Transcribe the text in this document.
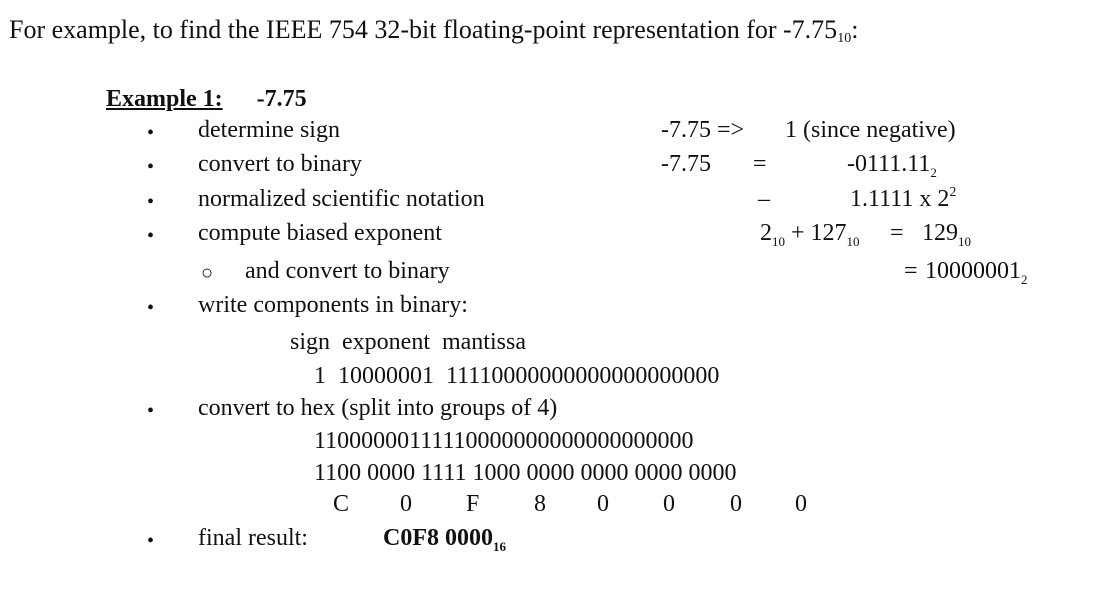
For example, to find the IEEE 754 32-bit floating-point representation for $-7.75_{10}$:
Example 1: -7.75
•
•
•
•
○
•
•
•
determine sign
convert to binary
normalized scientific notation
compute biased exponent
and convert to binary
write components in binary:
convert to hex (split into groups of 4)
final result:
-7.75 => 1 (since negative)
-7.75 =	$-0111.11_2$
–	1.1111 x $2^2$
$2_{10} + 127_{10} = 129_{10}$
= $10000001_2$
sign  exponent  mantissa
1  10000001  11110000000000000000000
11000000111110000000000000000000
1100 0000 1111 1000 0000 0000 0000 0000
C 0 F 8 0 0 0 0
C0F8 $0000_{16}$
